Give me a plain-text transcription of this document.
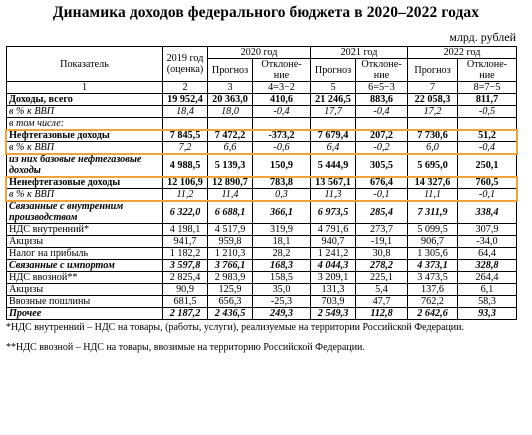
Динамика доходов федерального бюджета в 2020–2022 годах
млрд. рублей
Показатель	2019 год (оценка)	2020 год		2021 год		2022 год	
		Прогноз	Отклоне-ние	Прогноз	Отклоне-ние	Прогноз	Отклоне-ние
1	2	3	4=3−2	5	6=5−3	7	8=7−5
Доходы, всего	19 952,4	20 363,0	410,6	21 246,5	883,6	22 058,3	811,7
в % к ВВП	18,4	18,0	-0,4	17,7	-0,4	17,2	-0,5
в том числе:							
Нефтегазовые доходы	7 845,5	7 472,2	-373,2	7 679,4	207,2	7 730,6	51,2
в % к ВВП	7,2	6,6	-0,6	6,4	-0,2	6,0	-0,4
из них базовые нефтегазовые доходы	4 988,5	5 139,3	150,9	5 444,9	305,5	5 695,0	250,1
Ненефтегазовые доходы	12 106,9	12 890,7	783,8	13 567,1	676,4	14 327,6	760,5
в % к ВВП	11,2	11,4	0,3	11,3	-0,1	11,1	-0,1
Связанные с внутренним производством	6 322,0	6 688,1	366,1	6 973,5	285,4	7 311,9	338,4
НДС внутренний*	4 198,1	4 517,9	319,9	4 791,6	273,7	5 099,5	307,9
Акцизы	941,7	959,8	18,1	940,7	-19,1	906,7	-34,0
Налог на прибыль	1 182,2	1 210,3	28,2	1 241,2	30,8	1 305,6	64,4
Связанные с импортом	3 597,8	3 766,1	168,3	4 044,3	278,2	4 373,1	328,8
НДС ввозной**	2 825,4	2 983,9	158,5	3 209,1	225,1	3 473,5	264,4
Акцизы	90,9	125,9	35,0	131,3	5,4	137,6	6,1
Ввозные пошлины	681,5	656,3	-25,3	703,9	47,7	762,2	58,3
Прочее	2 187,2	2 436,5	249,3	2 549,3	112,8	2 642,6	93,3
*НДС внутренний – НДС на товары, (работы, услуги), реализуемые на территории Российской Федерации.
**НДС ввозной – НДС на товары, ввозимые на территорию Российской Федерации.
